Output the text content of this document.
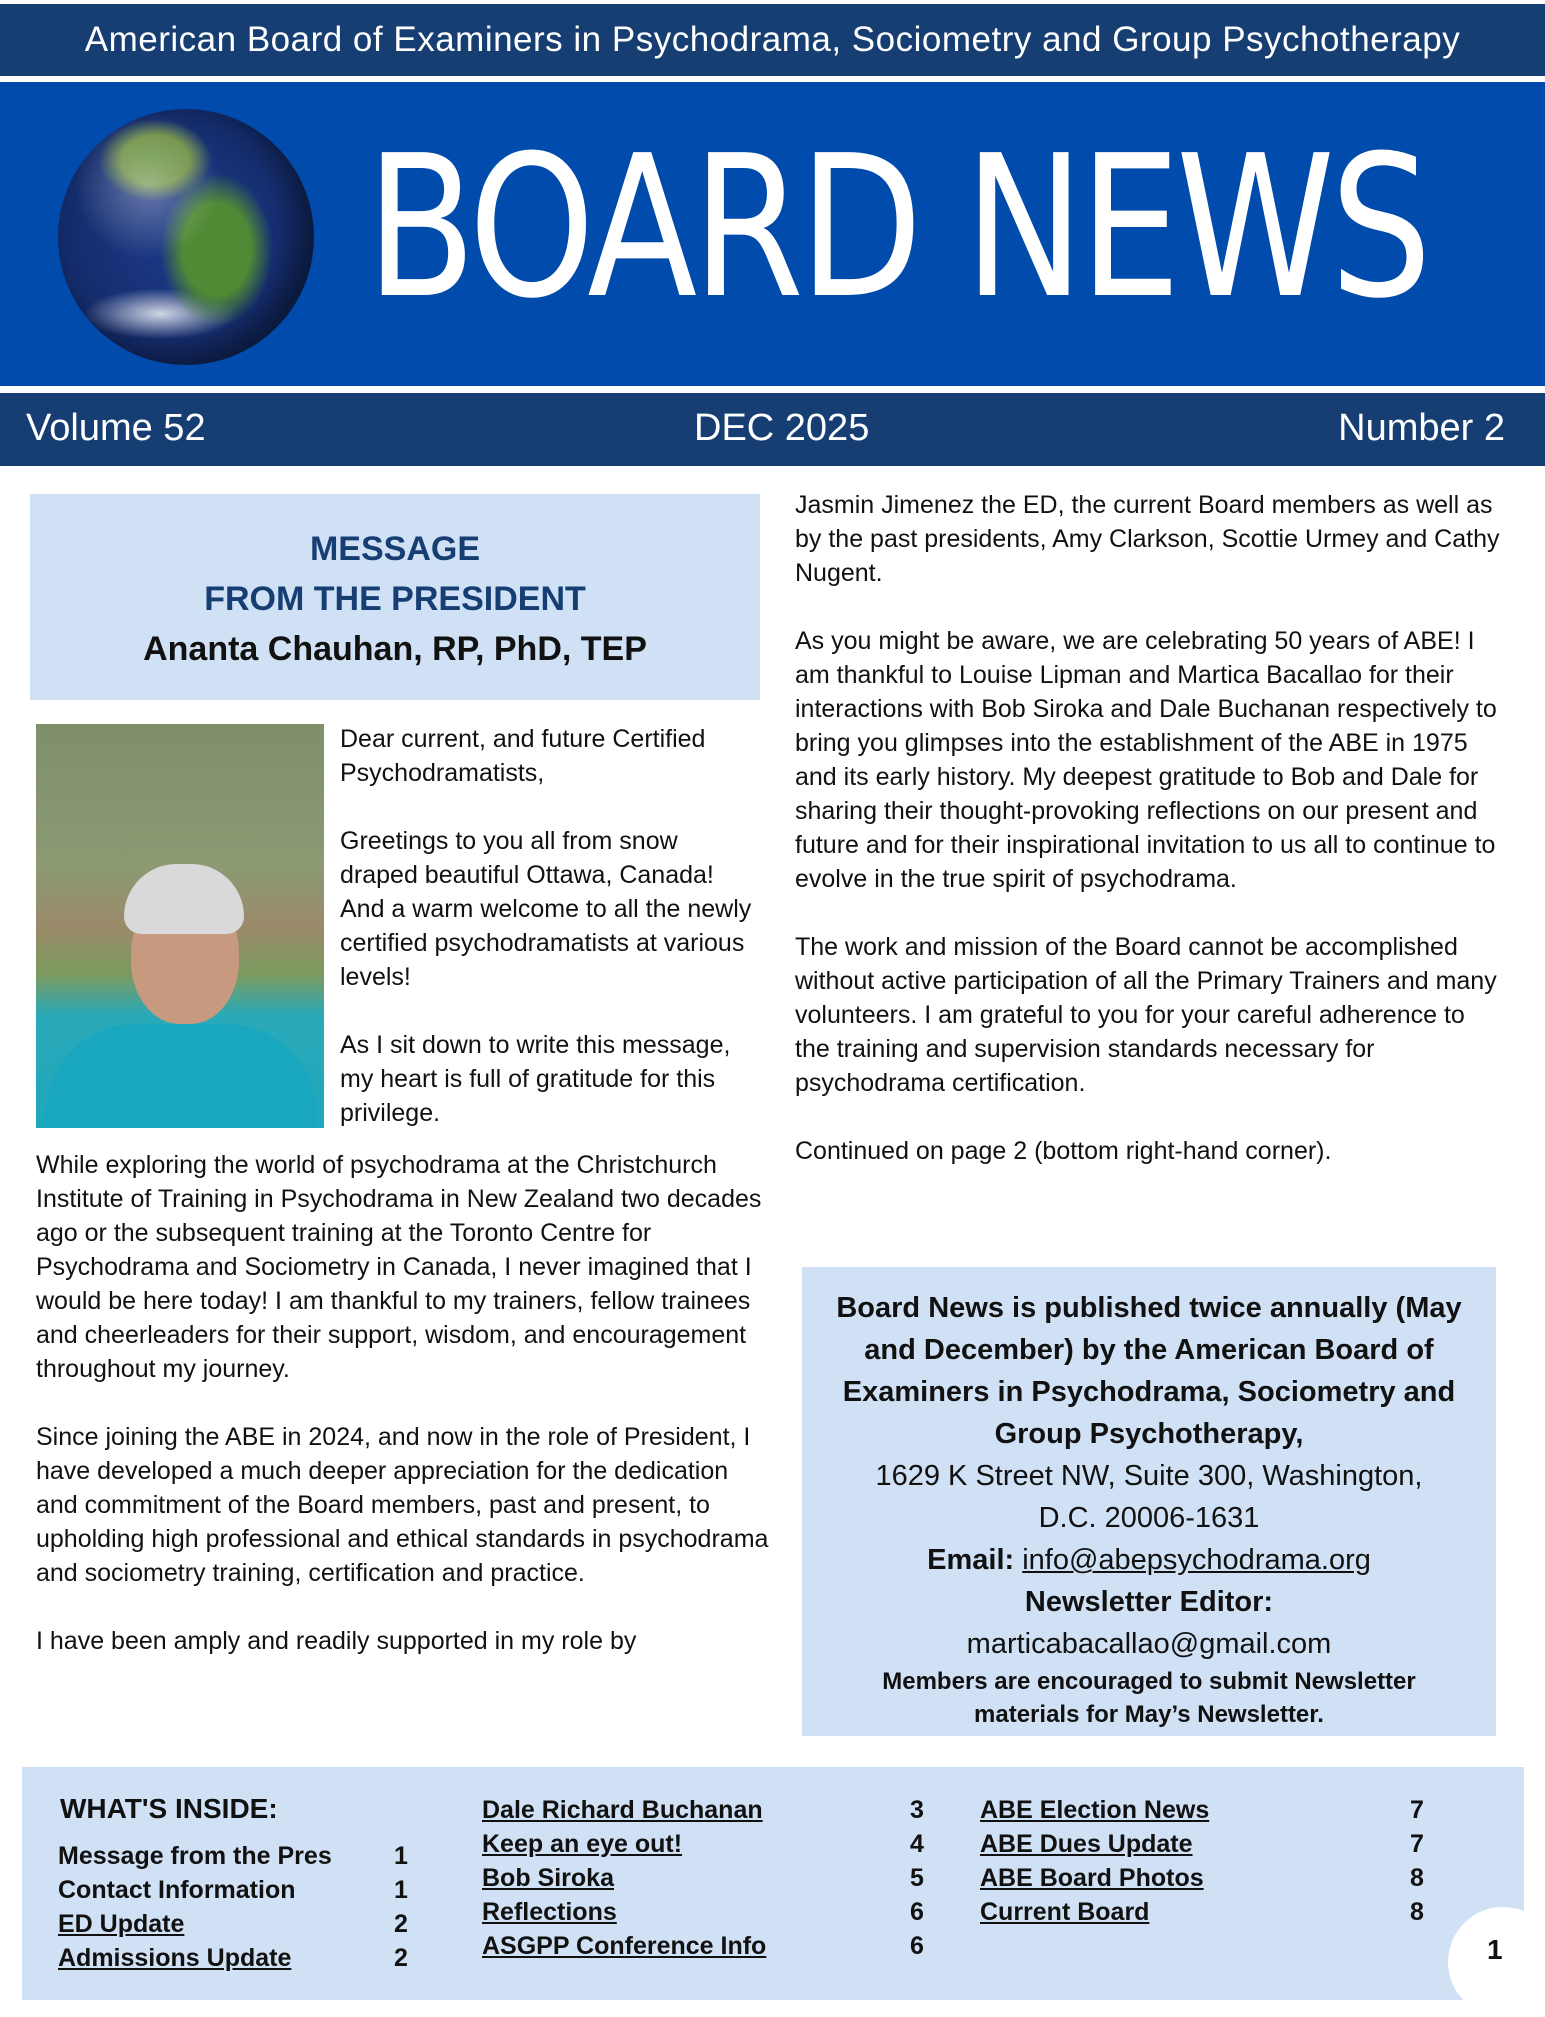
American Board of Examiners in Psychodrama, Sociometry and Group Psychotherapy
BOARD NEWS
Volume 52	DEC 2025	Number 2
MESSAGE
FROM THE PRESIDENT
Ananta Chauhan, RP, PhD, TEP

Dear current, and future Certified Psychodramatists,

Greetings to you all from snow draped beautiful Ottawa, Canada! And a warm welcome to all the newly certified psychodramatists at various levels!

As I sit down to write this message, my heart is full of gratitude for this privilege.

While exploring the world of psychodrama at the Christchurch Institute of Training in Psychodrama in New Zealand two decades ago or the subsequent training at the Toronto Centre for Psychodrama and Sociometry in Canada, I never imagined that I would be here today! I am thankful to my trainers, fellow trainees and cheerleaders for their support, wisdom, and encouragement throughout my journey.

Since joining the ABE in 2024, and now in the role of President, I have developed a much deeper appreciation for the dedication and commitment of the Board members, past and present, to upholding high professional and ethical standards in psychodrama and sociometry training, certification and practice.

I have been amply and readily supported in my role by

Jasmin Jimenez the ED, the current Board members as well as by the past presidents, Amy Clarkson, Scottie Urmey and Cathy Nugent.

As you might be aware, we are celebrating 50 years of ABE! I am thankful to Louise Lipman and Martica Bacallao for their interactions with Bob Siroka and Dale Buchanan respectively to bring you glimpses into the establishment of the ABE in 1975 and its early history. My deepest gratitude to Bob and Dale for sharing their thought-provoking reflections on our present and future and for their inspirational invitation to us all to continue to evolve in the true spirit of psychodrama.

The work and mission of the Board cannot be accomplished without active participation of all the Primary Trainers and many volunteers. I am grateful to you for your careful adherence to the training and supervision standards necessary for psychodrama certification.

Continued on page 2 (bottom right-hand corner).

Board News is published twice annually (May and December) by the American Board of Examiners in Psychodrama, Sociometry and Group Psychotherapy,
1629 K Street NW, Suite 300, Washington,
D.C. 20006-1631
Email: info@abepsychodrama.org
Newsletter Editor:
marticabacallao@gmail.com
Members are encouraged to submit Newsletter materials for May’s Newsletter.
WHAT'S INSIDE:
Message from the Pres 1
Contact Information	1
ED Update	2
Admissions Update	2
Dale Richard Buchanan	3
Keep an eye out!	4
Bob Siroka	5
Reflections	6
ASGPP Conference Info	6
ABE Election News	7
ABE Dues Update	7
ABE Board Photos	8
Current Board	8
1
